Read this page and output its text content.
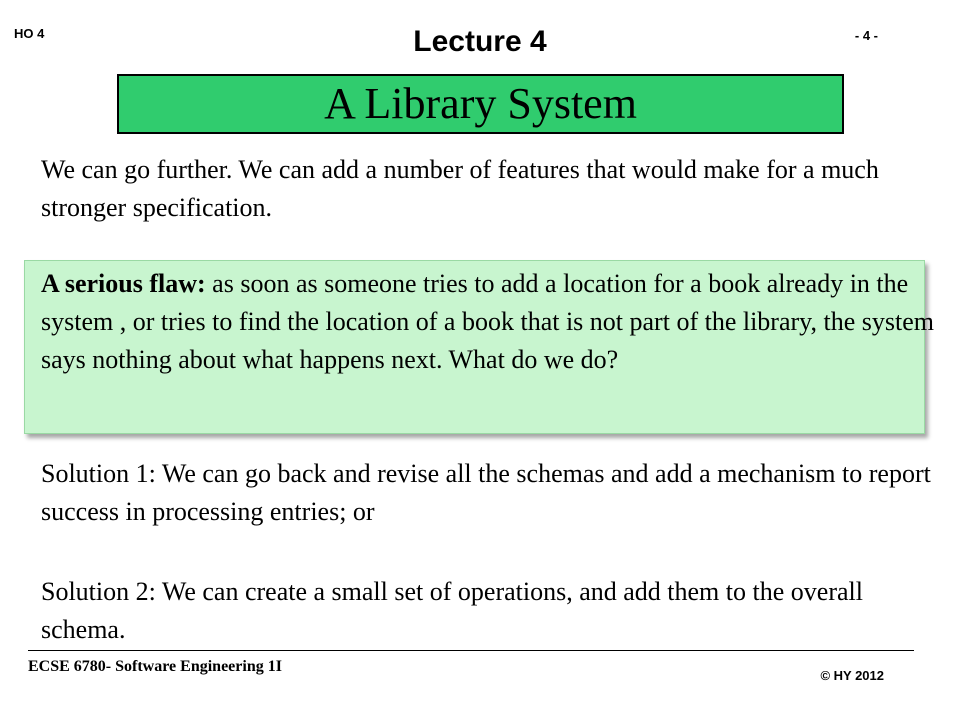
HO 4	Lecture 4	- 4 -
A Library System
We can go further. We can add a number of features that would make for a much stronger specification.
A serious flaw: as soon as someone tries to add a location for a book already in the system , or tries to find the location of a book that is not part of the library, the system says nothing about what happens next. What do we do?
Solution 1: We can go back and revise all the schemas and add a mechanism to report success in processing entries; or
Solution 2: We can create a small set of operations, and add them to the overall schema.
ECSE 6780- Software Engineering 1I
© HY 2012
